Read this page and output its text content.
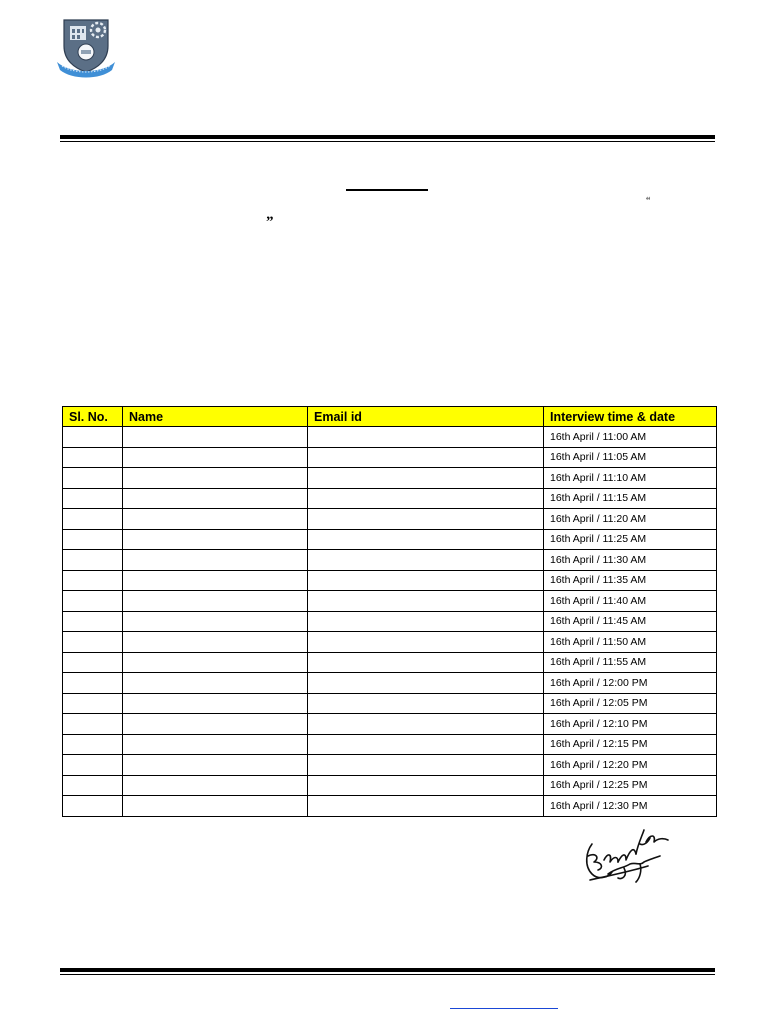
“
”
Sl. No.	Name	Email id	Interview time & date
			16th April / 11:00 AM
			16th April / 11:05 AM
			16th April / 11:10 AM
			16th April / 11:15 AM
			16th April / 11:20 AM
			16th April / 11:25 AM
			16th April / 11:30 AM
			16th April / 11:35 AM
			16th April / 11:40 AM
			16th April / 11:45 AM
			16th April / 11:50 AM
			16th April / 11:55 AM
			16th April / 12:00 PM
			16th April / 12:05 PM
			16th April / 12:10 PM
			16th April / 12:15 PM
			16th April / 12:20 PM
			16th April / 12:25 PM
			16th April / 12:30 PM
